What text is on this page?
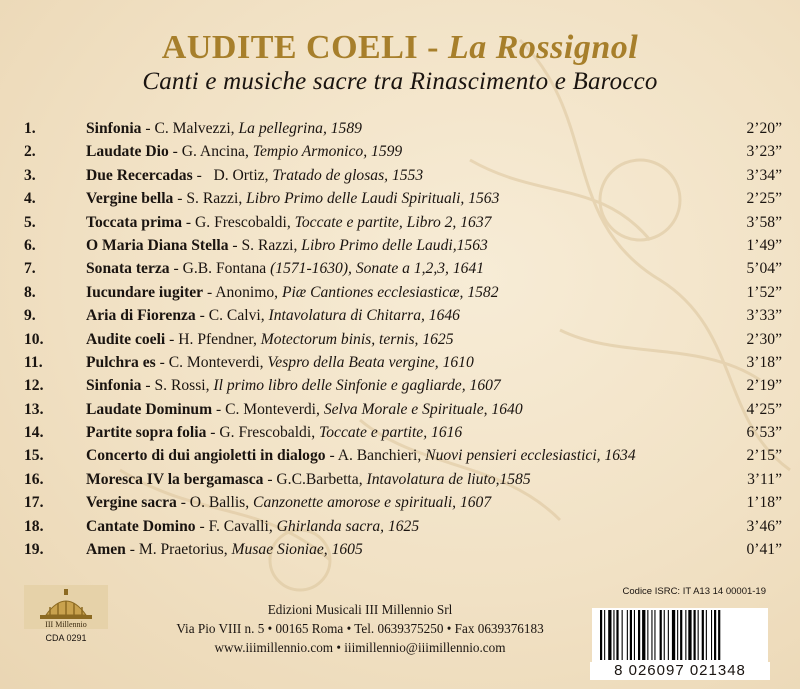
AUDITE COELI - La Rossignol
Canti e musiche sacre tra Rinascimento e Barocco
1.	Sinfonia - C. Malvezzi, La pellegrina, 1589	2’20”
2.	Laudate Dio - G. Ancina, Tempio Armonico, 1599	3’23”
3.	Due Recercadas -   D. Ortiz, Tratado de glosas, 1553	3’34”
4.	Vergine bella - S. Razzi, Libro Primo delle Laudi Spirituali, 1563	2’25”
5.	Toccata prima - G. Frescobaldi, Toccate e partite, Libro 2, 1637	3’58”
6.	O Maria Diana Stella - S. Razzi, Libro Primo delle Laudi,1563	1’49”
7.	Sonata terza - G.B. Fontana (1571-1630), Sonate a 1,2,3, 1641	5’04”
8.	Iucundare iugiter - Anonimo, Piæ Cantiones ecclesiasticæ, 1582	1’52”
9.	Aria di Fiorenza - C. Calvi, Intavolatura di Chitarra, 1646	3’33”
10.	Audite coeli - H. Pfendner, Motectorum binis, ternis, 1625	2’30”
11.	Pulchra es - C. Monteverdi, Vespro della Beata vergine, 1610	3’18”
12.	Sinfonia - S. Rossi, Il primo libro delle Sinfonie e gagliarde, 1607	2’19”
13.	Laudate Dominum - C. Monteverdi, Selva Morale e Spirituale, 1640	4’25”
14.	Partite sopra folia - G. Frescobaldi, Toccate e partite, 1616	6’53”
15.	Concerto di dui angioletti in dialogo - A. Banchieri, Nuovi pensieri ecclesiastici, 1634	2’15”
16.	Moresca IV la bergamasca - G.C.Barbetta, Intavolatura de liuto,1585	3’11”
17.	Vergine sacra - O. Ballis, Canzonette amorose e spirituali, 1607	1’18”
18.	Cantate Domino - F. Cavalli, Ghirlanda sacra, 1625	3’46”
19.	Amen - M. Praetorius, Musae Sioniae, 1605	0’41”
Codice ISRC: IT A13 14 00001-19
III Millennio
CDA 0291
Edizioni Musicali III Millennio Srl
Via Pio VIII n. 5 • 00165 Roma • Tel. 0639375250 • Fax 0639376183
www.iiimillennio.com • iiimillennio@iiimillennio.com
8 026097 021348
